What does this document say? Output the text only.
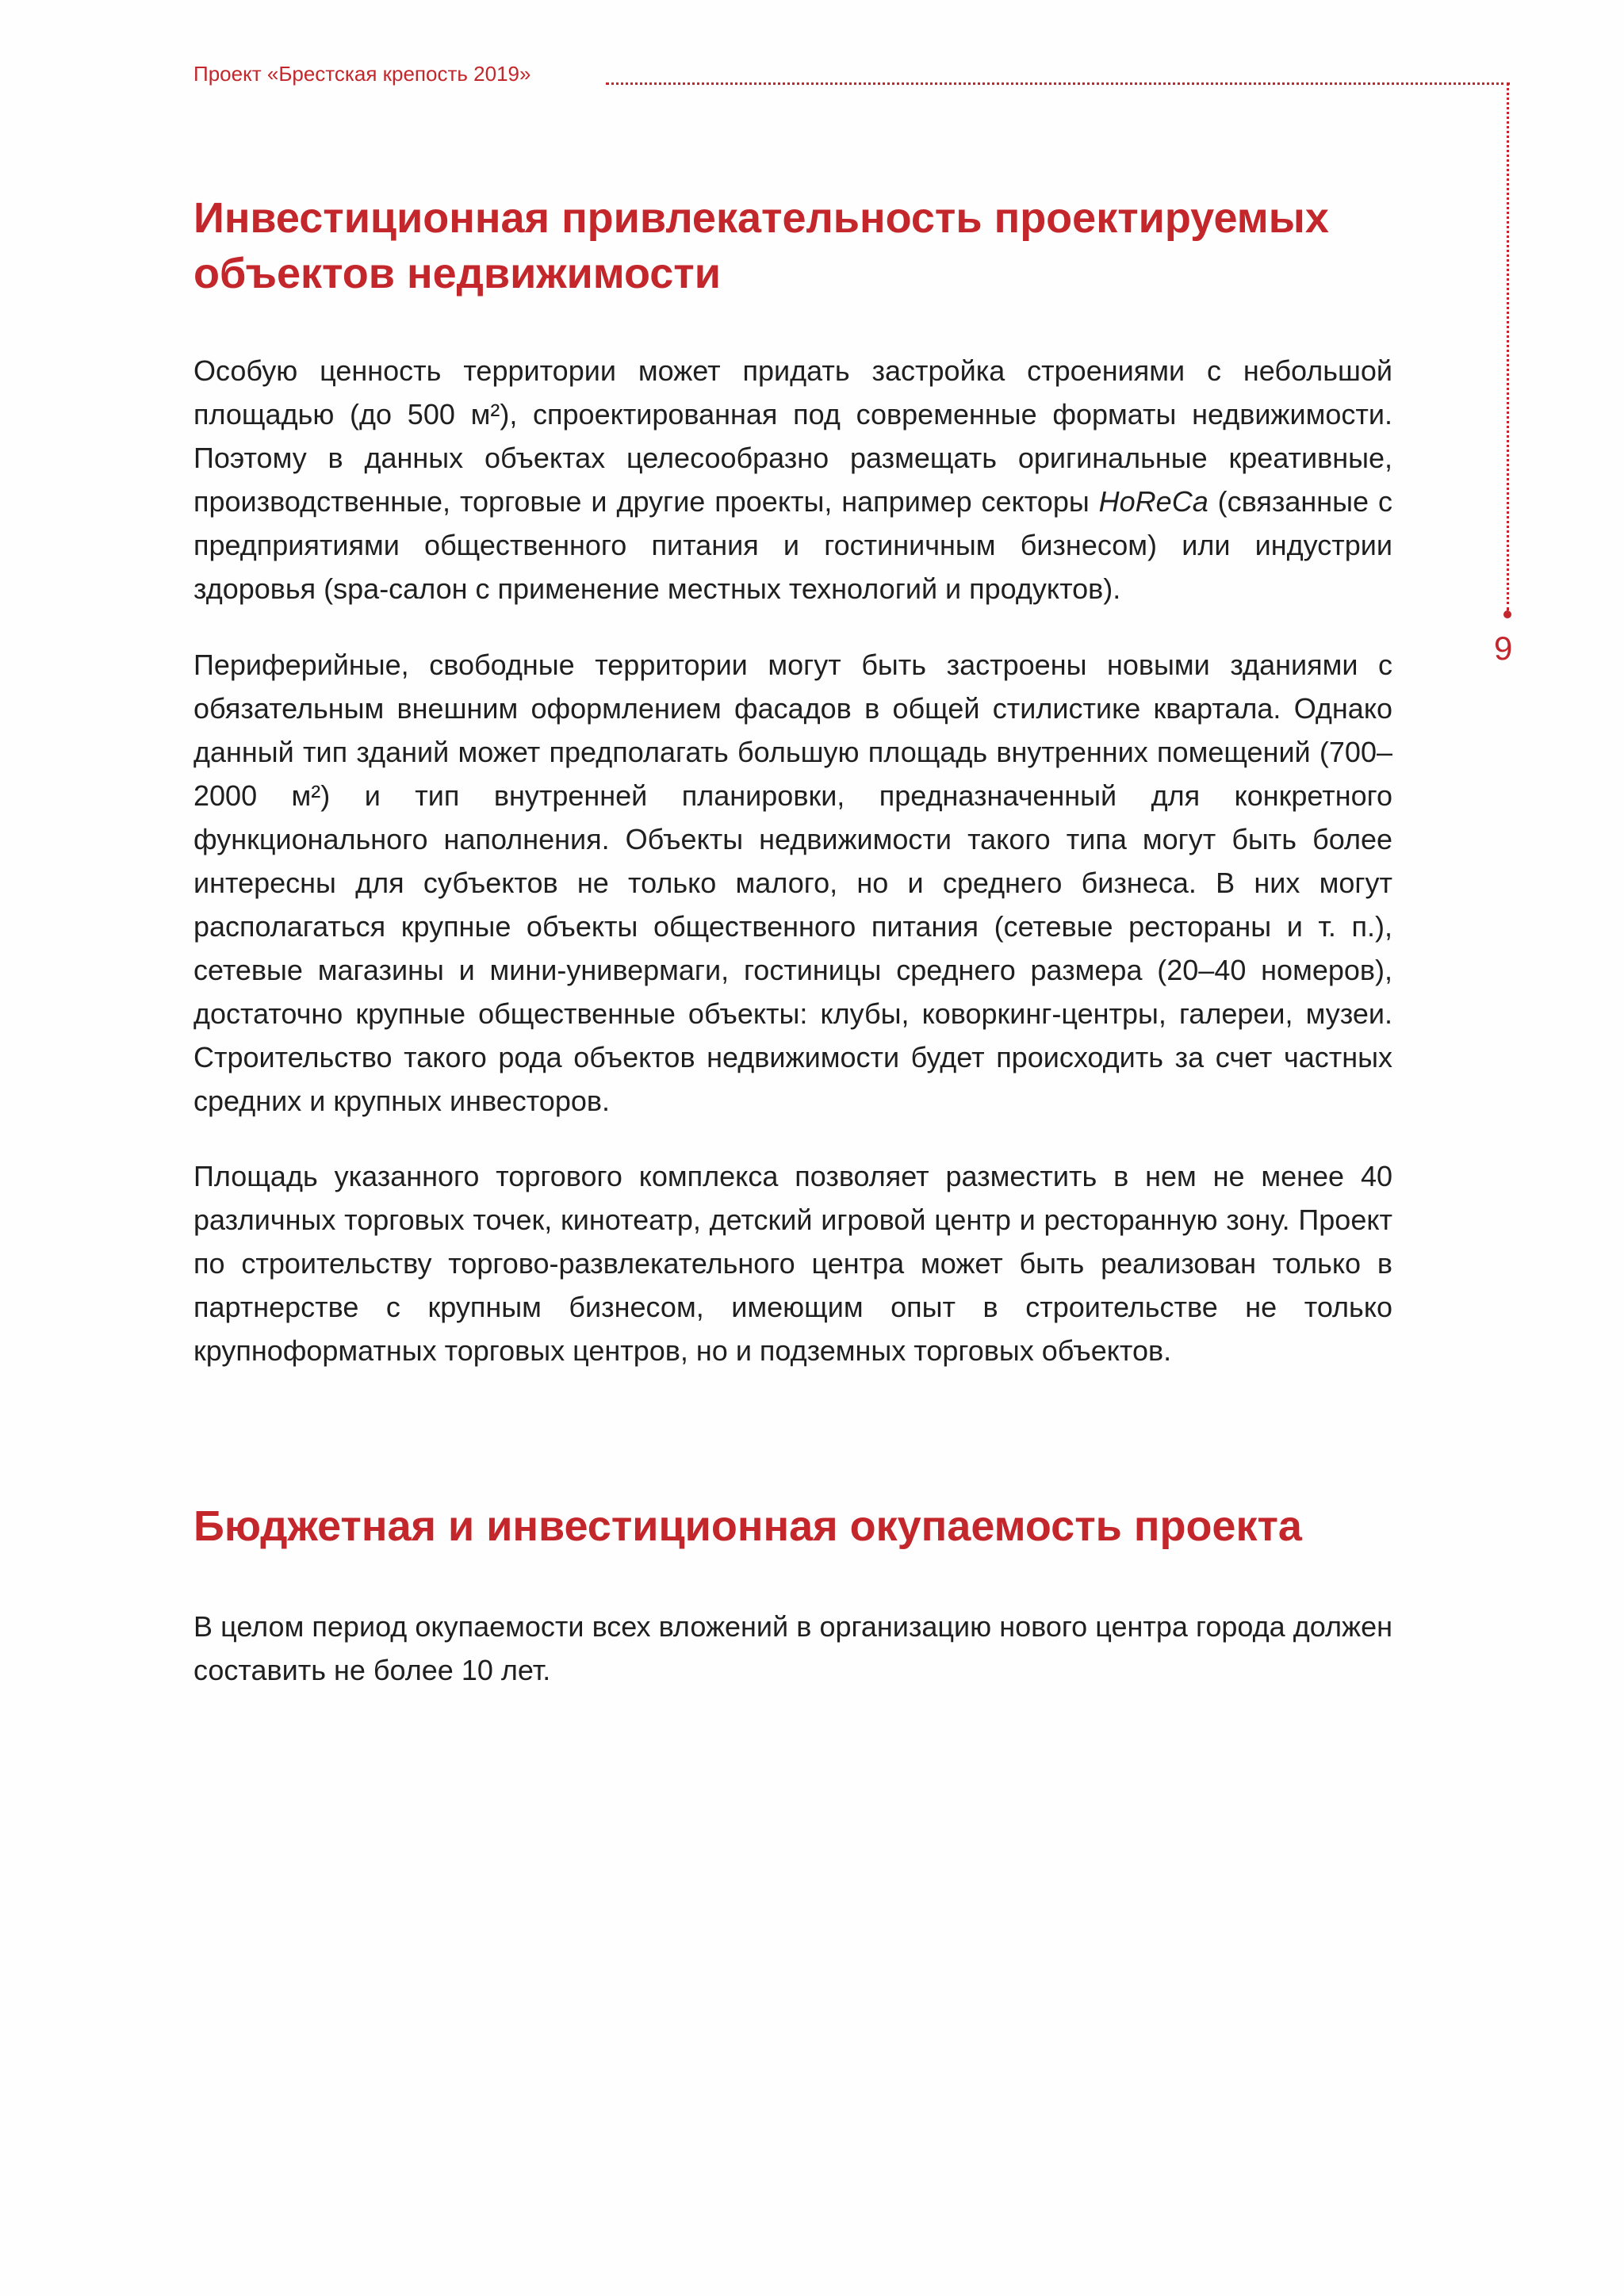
Проект «Брестская крепость 2019»
9
Инвестиционная привлекательность проектируемых объектов недвижимости

Особую ценность территории может придать застройка строениями с небольшой площадью (до 500 м²), спроектированная под современные форматы недвижимости. Поэтому в данных объектах целесообразно размещать оригинальные креативные, производственные, торговые и другие проекты, например секторы HoReCa (связанные с предприятиями общественного питания и гостиничным бизнесом) или индустрии здоровья (spa-салон с применение местных технологий и продуктов).

Периферийные, свободные территории могут быть застроены новыми зданиями с обязательным внешним оформлением фасадов в общей стилистике квартала. Однако данный тип зданий может предполагать большую площадь внутренних помещений (700–2000 м²) и тип внутренней планировки, предназначенный для конкретного функционального наполнения. Объекты недвижимости такого типа могут быть более интересны для субъектов не только малого, но и среднего бизнеса. В них могут располагаться крупные объекты общественного питания (сетевые рестораны и т. п.), сетевые магазины и мини-универмаги, гостиницы среднего размера (20–40 номеров), достаточно крупные общественные объекты: клубы, коворкинг-центры, галереи, музеи. Строительство такого рода объектов недвижимости будет происходить за счет частных средних и крупных инвесторов.

Площадь указанного торгового комплекса позволяет разместить в нем не менее 40 различных торговых точек, кинотеатр, детский игровой центр и ресторанную зону. Проект по строительству торгово-развлекательного центра может быть реализован только в партнерстве с крупным бизнесом, имеющим опыт в строительстве не только крупноформатных торговых центров, но и подземных торговых объектов.

Бюджетная и инвестиционная окупаемость проекта

В целом период окупаемости всех вложений в организацию нового центра города должен составить не более 10 лет.
